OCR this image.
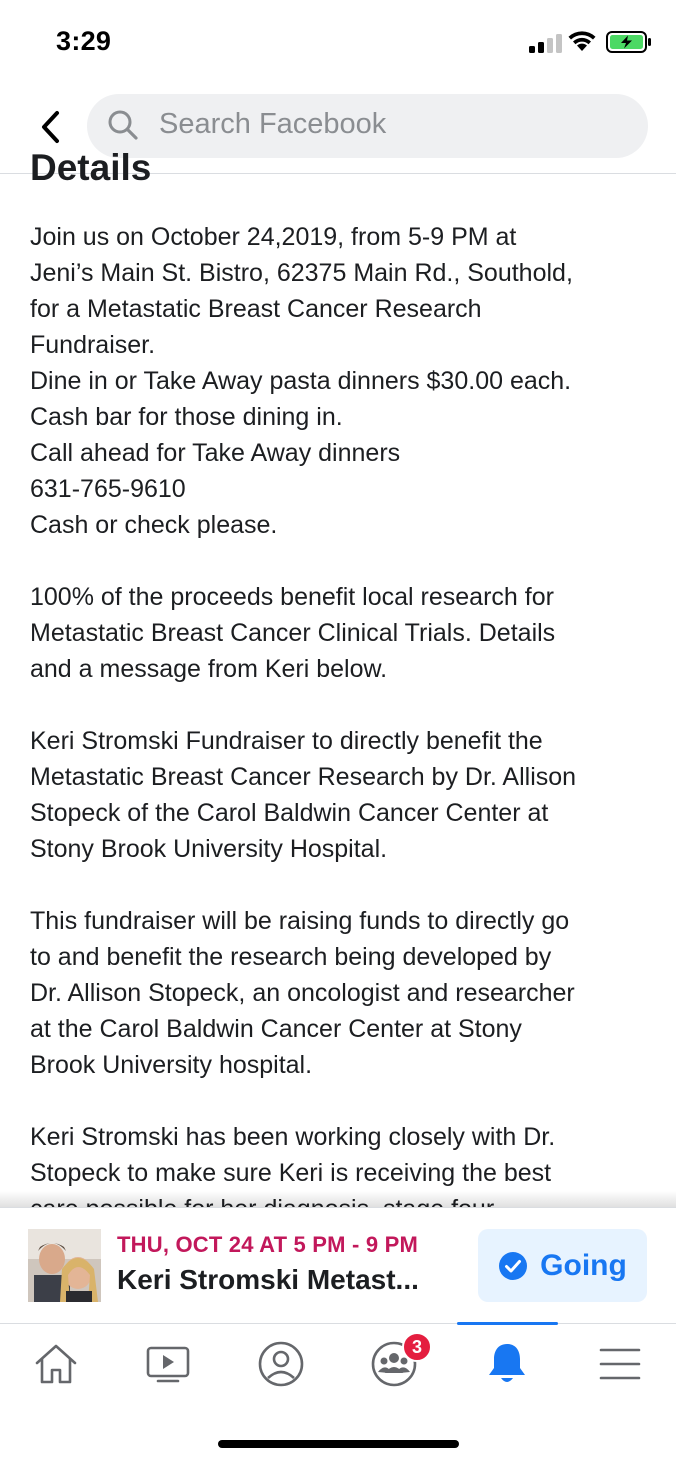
3:29
Search Facebook
Details
Join us on October 24,2019, from 5-9 PM at
Jeni’s Main St. Bistro, 62375 Main Rd., Southold,
for a Metastatic Breast Cancer Research
Fundraiser.
Dine in or Take Away pasta dinners $30.00 each.
Cash bar for those dining in.
Call ahead for Take Away dinners
631-765-9610
Cash or check please.
100% of the proceeds benefit local research for
Metastatic Breast Cancer Clinical Trials. Details
and a message from Keri below.
Keri Stromski Fundraiser to directly benefit the
Metastatic Breast Cancer Research by Dr. Allison
Stopeck of the Carol Baldwin Cancer Center at
Stony Brook University Hospital.
This fundraiser will be raising funds to directly go
to and benefit the research being developed by
Dr. Allison Stopeck, an oncologist and researcher
at the Carol Baldwin Cancer Center at Stony
Brook University hospital.
Keri Stromski has been working closely with Dr.
Stopeck to make sure Keri is receiving the best

THU, OCT 24 AT 5 PM - 9 PM
Keri Stromski Metast...	Going
3
